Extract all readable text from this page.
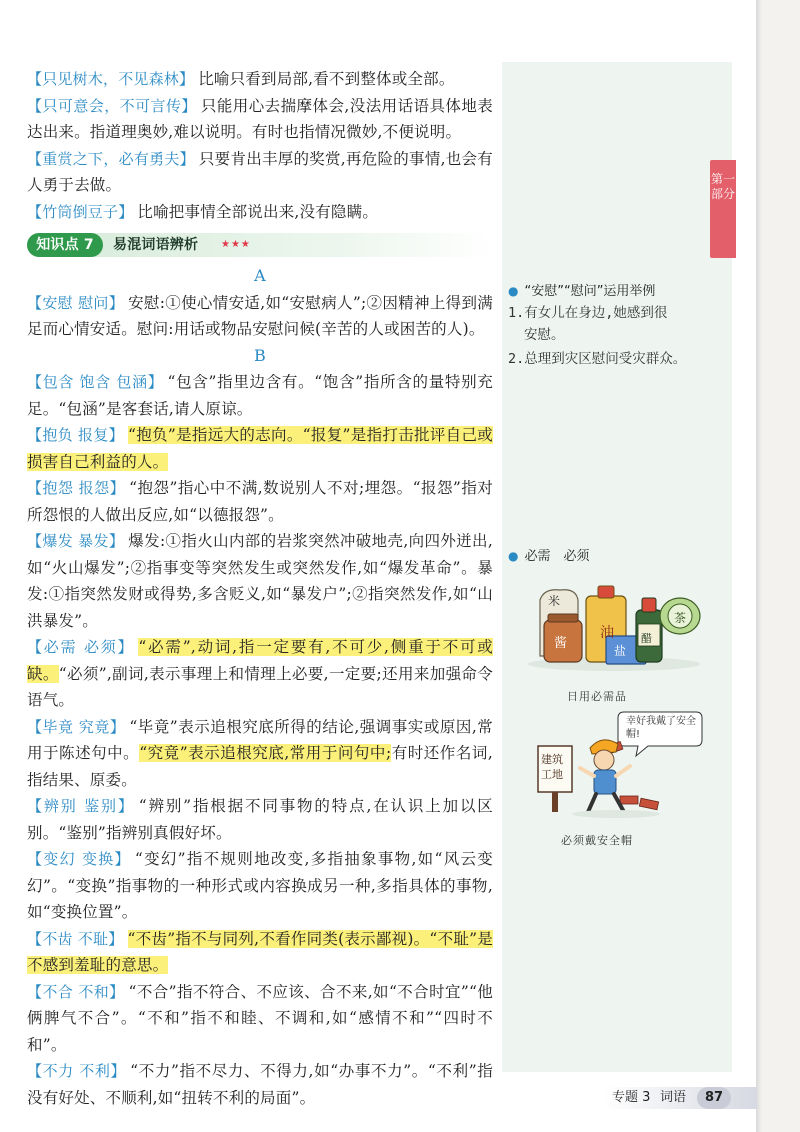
第一部分

【只见树木，不见森林】 比喻只看到局部,看不到整体或全部。

【只可意会，不可言传】 只能用心去揣摩体会,没法用话语具体地表达出来。指道理奥妙,难以说明。有时也指情况微妙,不便说明。

【重赏之下，必有勇夫】 只要肯出丰厚的奖赏,再危险的事情,也会有人勇于去做。

【竹筒倒豆子】 比喻把事情全部说出来,没有隐瞒。

知识点 7	易混词语辨析 ★★★

A

【安慰 慰问】 安慰:①使心情安适,如“安慰病人”;②因精神上得到满足而心情安适。慰问:用话或物品安慰问候(辛苦的人或困苦的人)。

B

【包含 饱含 包涵】 “包含”指里边含有。“饱含”指所含的量特别充足。“包涵”是客套话,请人原谅。

【抱负 报复】 “抱负”是指远大的志向。“报复”是指打击批评自己或损害自己利益的人。

【抱怨 报怨】 “抱怨”指心中不满,数说别人不对;埋怨。“报怨”指对所怨恨的人做出反应,如“以德报怨”。

【爆发 暴发】 爆发:①指火山内部的岩浆突然冲破地壳,向四外迸出,如“火山爆发”;②指事变等突然发生或突然发作,如“爆发革命”。暴发:①指突然发财或得势,多含贬义,如“暴发户”;②指突然发作,如“山洪暴发”。

【必需 必须】 “必需”,动词,指一定要有,不可少,侧重于不可或缺。“必须”,副词,表示事理上和情理上必要,一定要;还用来加强命令语气。

【毕竟 究竟】 “毕竟”表示追根究底所得的结论,强调事实或原因,常用于陈述句中。“究竟”表示追根究底,常用于问句中;有时还作名词,指结果、原委。

【辨别 鉴别】 “辨别”指根据不同事物的特点,在认识上加以区别。“鉴别”指辨别真假好坏。

【变幻 变换】 “变幻”指不规则地改变,多指抽象事物,如“风云变幻”。“变换”指事物的一种形式或内容换成另一种,多指具体的事物,如“变换位置”。

【不齿 不耻】 “不齿”指不与同列,不看作同类(表示鄙视)。“不耻”是不感到羞耻的意思。

【不合 不和】 “不合”指不符合、不应该、合不来,如“不合时宜”“他俩脾气不合”。“不和”指不和睦、不调和,如“感情不和”“四时不和”。

【不力 不利】 “不力”指不尽力、不得力,如“办事不力”。“不利”指没有好处、不顺利,如“扭转不利的局面”。

● “安慰”“慰问”运用举例
1.有女儿在身边,她感到很
安慰。
2.总理到灾区慰问受灾群众。
● 必需　必须
米
酱
油
盐
醋
茶
日用必需品
幸好我戴了安全帽!
建筑工地
必须戴安全帽
专题 3 词语	87
